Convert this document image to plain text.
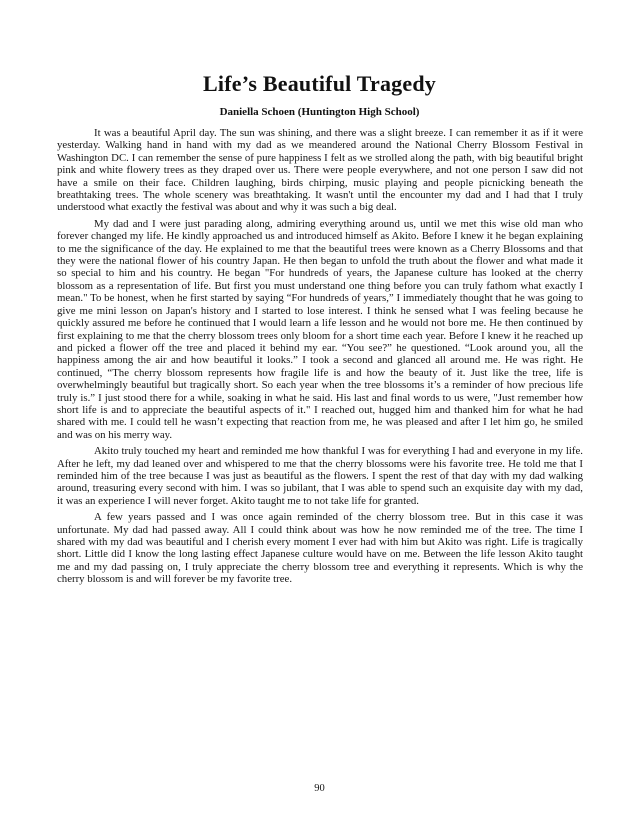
Life’s Beautiful Tragedy
Daniella Schoen (Huntington High School)

It was a beautiful April day. The sun was shining, and there was a slight breeze. I can remember it as if it were yesterday. Walking hand in hand with my dad as we meandered around the National Cherry Blossom Festival in Washington DC. I can remember the sense of pure happiness I felt as we strolled along the path, with big beautiful bright pink and white flowery trees as they draped over us. There were people everywhere, and not one person I saw did not have a smile on their face. Children laughing, birds chirping, music playing and people picnicking beneath the breathtaking trees. The whole scenery was breathtaking. It wasn't until the encounter my dad and I had that I truly understood what exactly the festival was about and why it was such a big deal.

My dad and I were just parading along, admiring everything around us, until we met this wise old man who forever changed my life. He kindly approached us and introduced himself as Akito. Before I knew it he began explaining to me the significance of the day. He explained to me that the beautiful trees were known as a Cherry Blossoms and that they were the national flower of his country Japan. He then began to unfold the truth about the flower and what made it so special to him and his country. He began "For hundreds of years, the Japanese culture has looked at the cherry blossom as a representation of life. But first you must understand one thing before you can truly fathom what exactly I mean." To be honest, when he first started by saying “For hundreds of years,” I immediately thought that he was going to give me mini lesson on Japan's history and I started to lose interest. I think he sensed what I was feeling because he quickly assured me before he continued that I would learn a life lesson and he would not bore me. He then continued by first explaining to me that the cherry blossom trees only bloom for a short time each year. Before I knew it he reached up and picked a flower off the tree and placed it behind my ear. “You see?” he questioned. “Look around you, all the happiness among the air and how beautiful it looks.” I took a second and glanced all around me. He was right. He continued, “The cherry blossom represents how fragile life is and how the beauty of it. Just like the tree, life is overwhelmingly beautiful but tragically short. So each year when the tree blossoms it’s a reminder of how precious life truly is.” I just stood there for a while, soaking in what he said. His last and final words to us were, "Just remember how short life is and to appreciate the beautiful aspects of it." I reached out, hugged him and thanked him for what he had shared with me. I could tell he wasn’t expecting that reaction from me, he was pleased and after I let him go, he smiled and was on his merry way.

Akito truly touched my heart and reminded me how thankful I was for everything I had and everyone in my life. After he left, my dad leaned over and whispered to me that the cherry blossoms were his favorite tree. He told me that I reminded him of the tree because I was just as beautiful as the flowers. I spent the rest of that day with my dad walking around, treasuring every second with him. I was so jubilant, that I was able to spend such an exquisite day with my dad, it was an experience I will never forget. Akito taught me to not take life for granted.

A few years passed and I was once again reminded of the cherry blossom tree. But in this case it was unfortunate. My dad had passed away. All I could think about was how he now reminded me of the tree. The time I shared with my dad was beautiful and I cherish every moment I ever had with him but Akito was right. Life is tragically short. Little did I know the long lasting effect Japanese culture would have on me. Between the life lesson Akito taught me and my dad passing on, I truly appreciate the cherry blossom tree and everything it represents. Which is why the cherry blossom is and will forever be my favorite tree.

90
